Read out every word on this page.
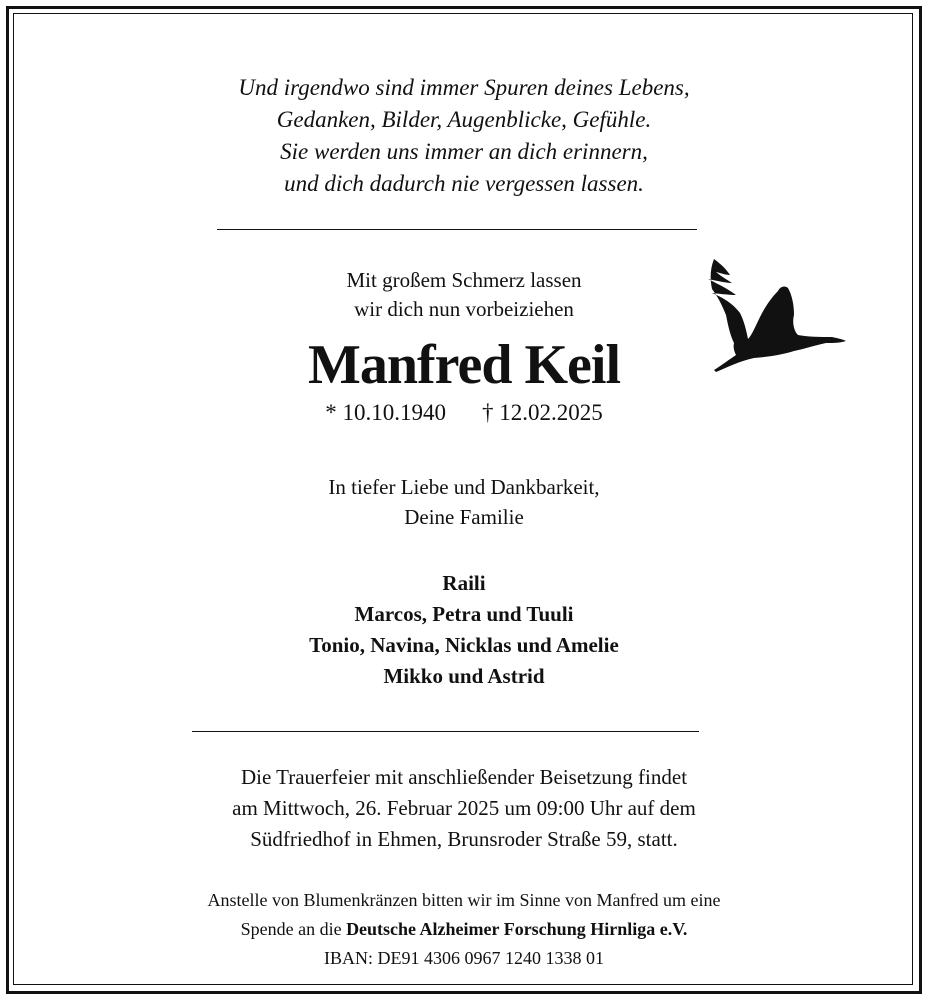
Und irgendwo sind immer Spuren deines Lebens,
Gedanken, Bilder, Augenblicke, Gefühle.
Sie werden uns immer an dich erinnern,
und dich dadurch nie vergessen lassen.
Mit großem Schmerz lassen
wir dich nun vorbeiziehen
Manfred Keil
* 10.10.1940 † 12.02.2025
In tiefer Liebe und Dankbarkeit,
Deine Familie
Raili
Marcos, Petra und Tuuli
Tonio, Navina, Nicklas und Amelie
Mikko und Astrid
Die Trauerfeier mit anschließender Beisetzung findet
am Mittwoch, 26. Februar 2025 um 09:00 Uhr auf dem
Südfriedhof in Ehmen, Brunsroder Straße 59, statt.
Anstelle von Blumenkränzen bitten wir im Sinne von Manfred um eine
Spende an die Deutsche Alzheimer Forschung Hirnliga e.V.
IBAN: DE91 4306 0967 1240 1338 01
